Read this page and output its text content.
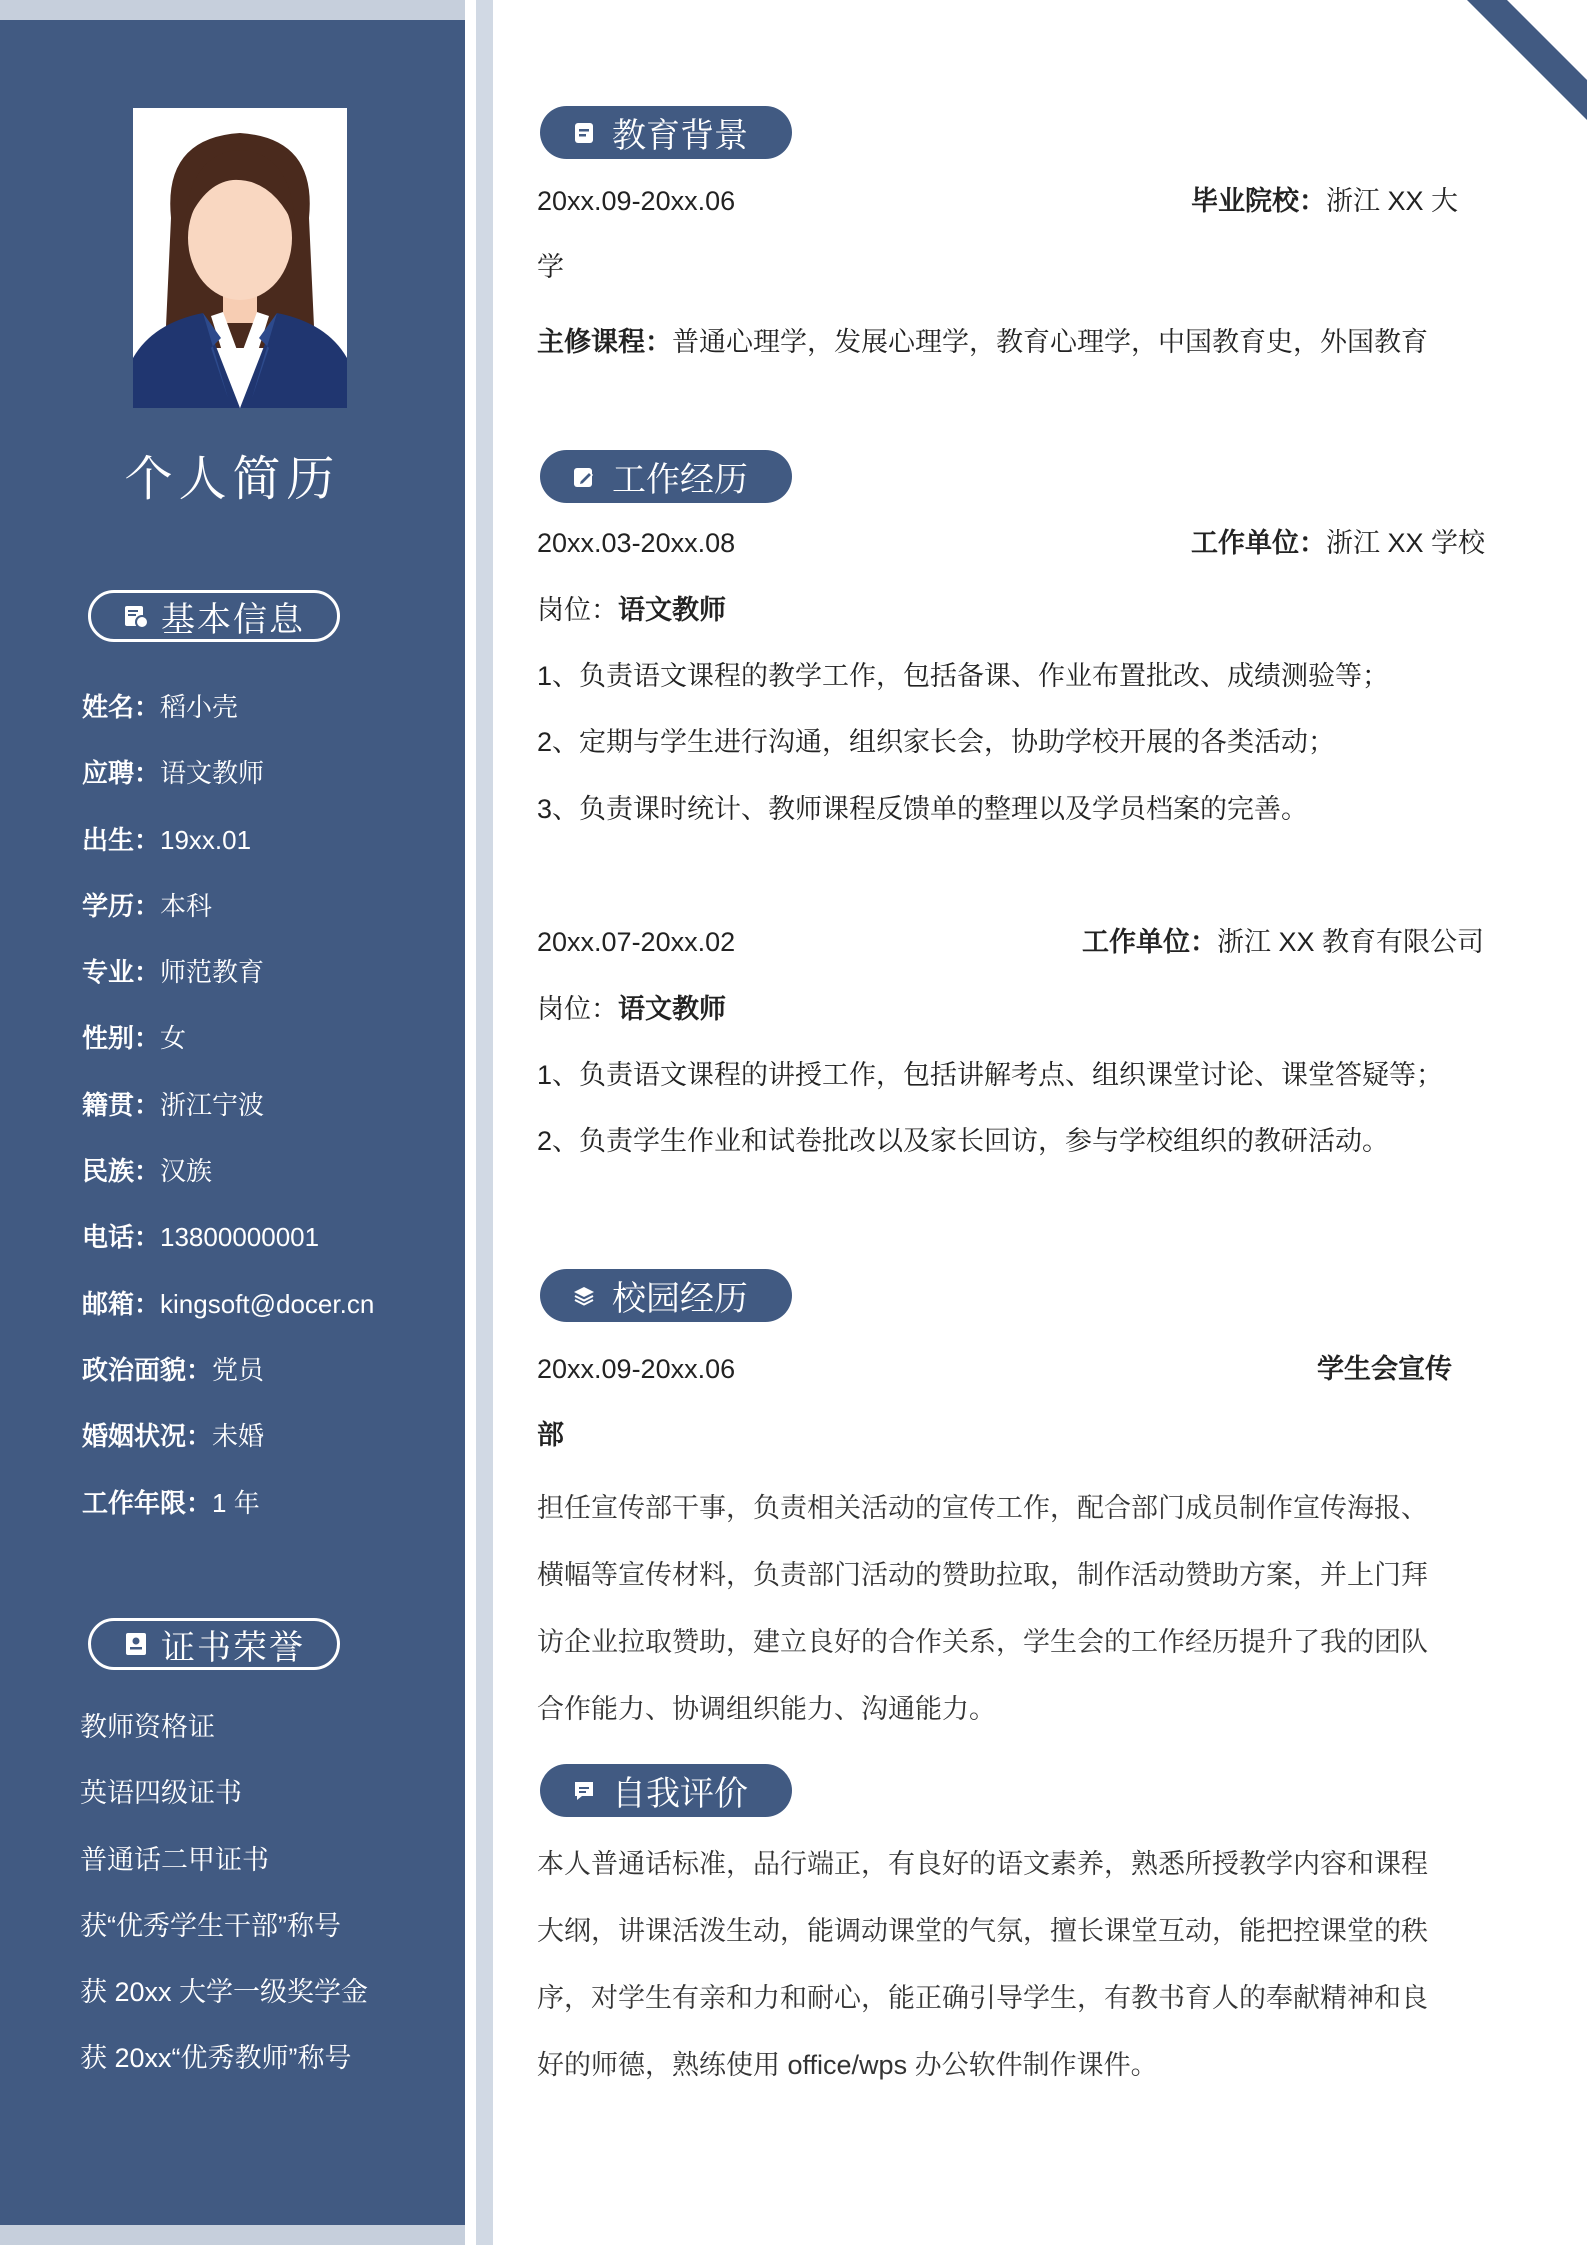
个人简历
基本信息
姓名：稻小壳
应聘：语文教师
出生：19xx.01
学历：本科
专业：师范教育
性别：女
籍贯：浙江宁波
民族：汉族
电话：13800000001
邮箱：kingsoft@docer.cn
政治面貌：党员
婚姻状况：未婚
工作年限：1 年
证书荣誉
教师资格证
英语四级证书
普通话二甲证书
获“优秀学生干部”称号
获 20xx 大学一级奖学金
获 20xx“优秀教师”称号
教育背景
20xx.09-20xx.06	毕业院校：浙江 XX 大
学
主修课程：普通心理学，发展心理学，教育心理学，中国教育史，外国教育
工作经历
20xx.03-20xx.08	工作单位：浙江 XX 学校
岗位：语文教师
1、负责语文课程的教学工作，包括备课、作业布置批改、成绩测验等；
2、定期与学生进行沟通，组织家长会，协助学校开展的各类活动；
3、负责课时统计、教师课程反馈单的整理以及学员档案的完善。
20xx.07-20xx.02	工作单位：浙江 XX 教育有限公司
岗位：语文教师
1、负责语文课程的讲授工作，包括讲解考点、组织课堂讨论、课堂答疑等；
2、负责学生作业和试卷批改以及家长回访，参与学校组织的教研活动。
校园经历
20xx.09-20xx.06	学生会宣传
部
担任宣传部干事，负责相关活动的宣传工作，配合部门成员制作宣传海报、
横幅等宣传材料，负责部门活动的赞助拉取，制作活动赞助方案，并上门拜
访企业拉取赞助，建立良好的合作关系，学生会的工作经历提升了我的团队
合作能力、协调组织能力、沟通能力。
自我评价
本人普通话标准，品行端正，有良好的语文素养，熟悉所授教学内容和课程
大纲，讲课活泼生动，能调动课堂的气氛，擅长课堂互动，能把控课堂的秩
序，对学生有亲和力和耐心，能正确引导学生，有教书育人的奉献精神和良
好的师德，熟练使用 office/wps 办公软件制作课件。
